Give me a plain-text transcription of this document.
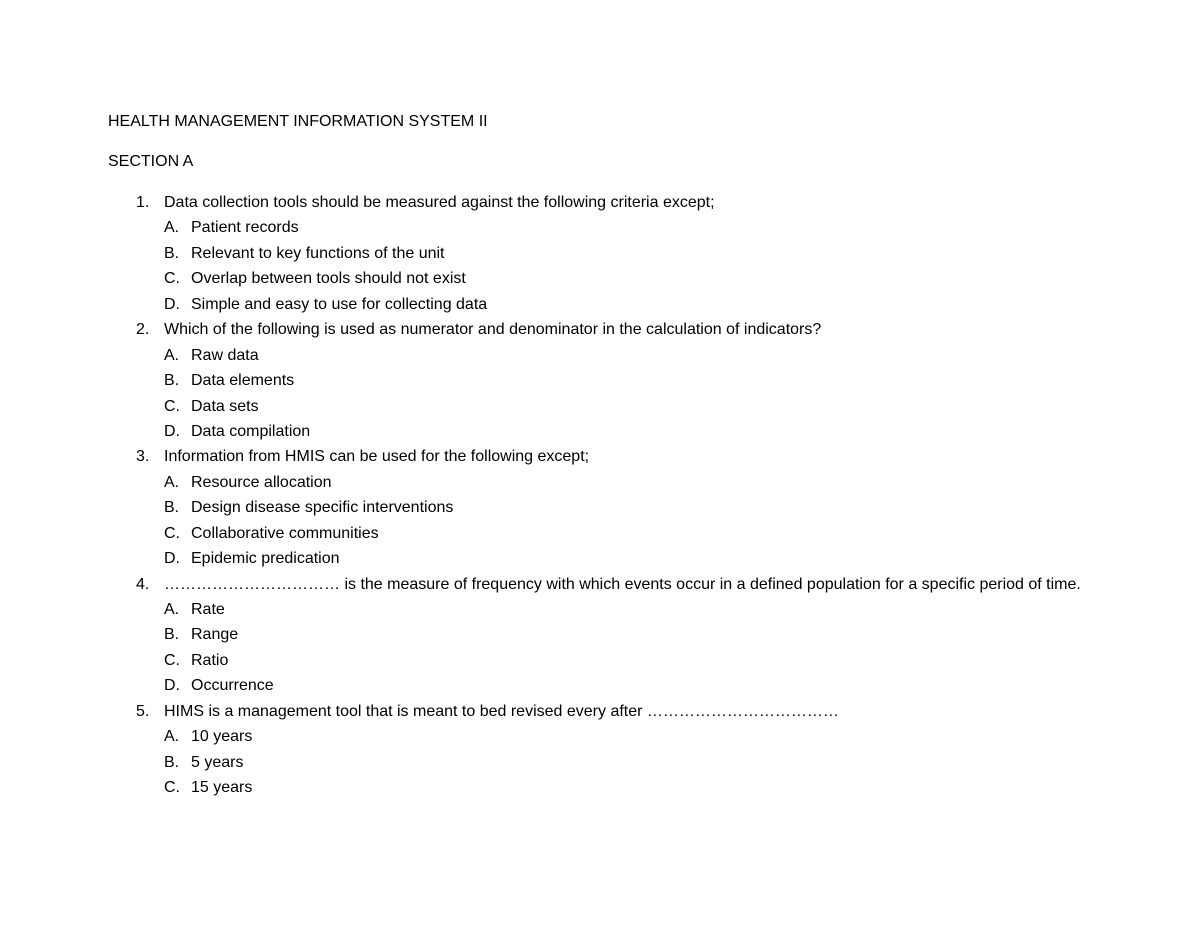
HEALTH MANAGEMENT INFORMATION SYSTEM II
SECTION A
1. Data collection tools should be measured against the following criteria except;
A. Patient records
B. Relevant to key functions of the unit
C. Overlap between tools should not exist
D. Simple and easy to use for collecting data
2. Which of the following is used as numerator and denominator in the calculation of indicators?
A. Raw data
B. Data elements
C. Data sets
D. Data compilation
3. Information from HMIS can be used for the following except;
A. Resource allocation
B. Design disease specific interventions
C. Collaborative communities
D. Epidemic predication
4. …………………………… is the measure of frequency with which events occur in a defined population for a specific period of time.
A. Rate
B. Range
C. Ratio
D. Occurrence
5. HIMS is a management tool that is meant to bed revised every after ………………………………
A. 10 years
B. 5 years
C. 15 years
